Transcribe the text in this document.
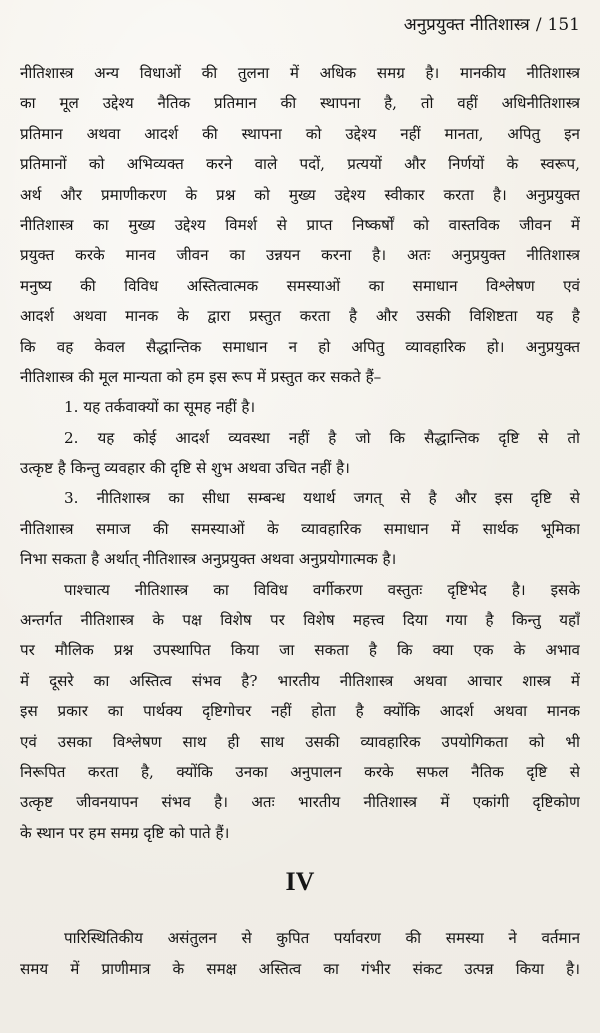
अनुप्रयुक्त नीतिशास्त्र / 151
नीतिशास्त्र अन्य विधाओं की तुलना में अधिक समग्र है। मानकीय नीतिशास्त्र
का मूल उद्देश्य नैतिक प्रतिमान की स्थापना है, तो वहीं अधिनीतिशास्त्र
प्रतिमान अथवा आदर्श की स्थापना को उद्देश्य नहीं मानता, अपितु इन
प्रतिमानों को अभिव्यक्त करने वाले पदों, प्रत्ययों और निर्णयों के स्वरूप,
अर्थ और प्रमाणीकरण के प्रश्न को मुख्य उद्देश्य स्वीकार करता है। अनुप्रयुक्त
नीतिशास्त्र का मुख्य उद्देश्य विमर्श से प्राप्त निष्कर्षों को वास्तविक जीवन में
प्रयुक्त करके मानव जीवन का उन्नयन करना है। अतः अनुप्रयुक्त नीतिशास्त्र
मनुष्य की विविध अस्तित्वात्मक समस्याओं का समाधान विश्लेषण एवं
आदर्श अथवा मानक के द्वारा प्रस्तुत करता है और उसकी विशिष्टता यह है
कि वह केवल सैद्धान्तिक समाधान न हो अपितु व्यावहारिक हो। अनुप्रयुक्त
नीतिशास्त्र की मूल मान्यता को हम इस रूप में प्रस्तुत कर सकते हैं–
1. यह तर्कवाक्यों का सूमह नहीं है।
2. यह कोई आदर्श व्यवस्था नहीं है जो कि सैद्धान्तिक दृष्टि से तो
उत्कृष्ट है किन्तु व्यवहार की दृष्टि से शुभ अथवा उचित नहीं है।
3. नीतिशास्त्र का सीधा सम्बन्ध यथार्थ जगत् से है और इस दृष्टि से
नीतिशास्त्र समाज की समस्याओं के व्यावहारिक समाधान में सार्थक भूमिका
निभा सकता है अर्थात् नीतिशास्त्र अनुप्रयुक्त अथवा अनुप्रयोगात्मक है।
पाश्चात्य नीतिशास्त्र का विविध वर्गीकरण वस्तुतः दृष्टिभेद है। इसके
अन्तर्गत नीतिशास्त्र के पक्ष विशेष पर विशेष महत्त्व दिया गया है किन्तु यहाँ
पर मौलिक प्रश्न उपस्थापित किया जा सकता है कि क्या एक के अभाव
में दूसरे का अस्तित्व संभव है? भारतीय नीतिशास्त्र अथवा आचार शास्त्र में
इस प्रकार का पार्थक्य दृष्टिगोचर नहीं होता है क्योंकि आदर्श अथवा मानक
एवं उसका विश्लेषण साथ ही साथ उसकी व्यावहारिक उपयोगिकता को भी
निरूपित करता है, क्योंकि उनका अनुपालन करके सफल नैतिक दृष्टि से
उत्कृष्ट जीवनयापन संभव है। अतः भारतीय नीतिशास्त्र में एकांगी दृष्टिकोण
के स्थान पर हम समग्र दृष्टि को पाते हैं।
IV
पारिस्थितिकीय असंतुलन से कुपित पर्यावरण की समस्या ने वर्तमान
समय में प्राणीमात्र के समक्ष अस्तित्व का गंभीर संकट उत्पन्न किया है।
